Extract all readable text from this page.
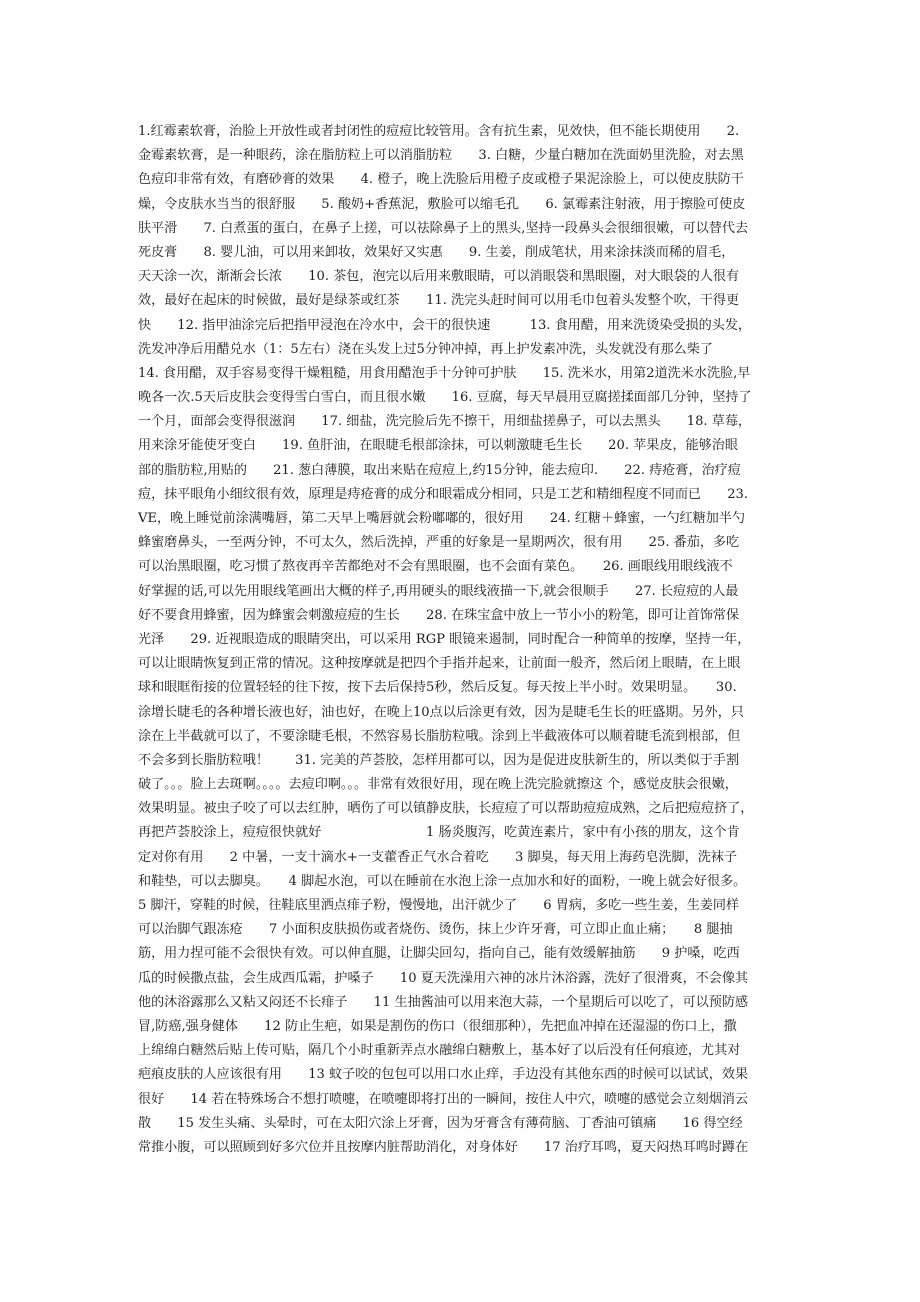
1.红霉素软膏，治脸上开放性或者封闭性的痘痘比较管用。含有抗生素，见效快，但不能长期使用　　2.
金霉素软膏，是一种眼药，涂在脂肪粒上可以消脂肪粒　　3. 白糖，少量白糖加在洗面奶里洗脸，对去黑
色痘印非常有效，有磨砂膏的效果　　4. 橙子，晚上洗脸后用橙子皮或橙子果泥涂脸上，可以使皮肤防干
燥，令皮肤水当当的很舒服　　5. 酸奶+香蕉泥，敷脸可以缩毛孔　　6. 氯霉素注射液，用于擦脸可使皮
肤平滑　　7. 白煮蛋的蛋白，在鼻子上搓，可以祛除鼻子上的黑头,坚持一段鼻头会很细很嫩，可以替代去
死皮膏　　8. 婴儿油，可以用来卸妆，效果好又实惠　　9. 生姜，削成笔状，用来涂抹淡而稀的眉毛，
天天涂一次，渐渐会长浓　　10. 茶包，泡完以后用来敷眼睛，可以消眼袋和黑眼圈，对大眼袋的人很有
效，最好在起床的时候做，最好是绿茶或红茶　　11. 洗完头赶时间可以用毛巾包着头发整个吹，干得更
快　　12. 指甲油涂完后把指甲浸泡在冷水中，会干的很快速　　　13. 食用醋，用来洗烫染受损的头发，
洗发冲净后用醋兑水（1：5左右）浇在头发上过5分钟冲掉，再上护发素冲洗，头发就没有那么柴了
14. 食用醋，双手容易变得干燥粗糙，用食用醋泡手十分钟可护肤　　15. 洗米水，用第2道洗米水洗脸,早
晚各一次.5天后皮肤会变得雪白雪白，而且很水嫩　　16. 豆腐，每天早晨用豆腐搓揉面部几分钟，坚持了
一个月，面部会变得很滋润　　17. 细盐，洗完脸后先不擦干，用细盐搓鼻子，可以去黑头　　18. 草莓，
用来涂牙能使牙变白　　19. 鱼肝油，在眼睫毛根部涂抹，可以刺激睫毛生长　　20. 苹果皮，能够治眼
部的脂肪粒,用贴的　　21. 葱白薄膜，取出来贴在痘痘上,约15分钟，能去痘印.　　22. 痔疮膏，治疗痘
痘，抹平眼角小细纹很有效，原理是痔疮膏的成分和眼霜成分相同，只是工艺和精细程度不同而已　　23.
VE，晚上睡觉前涂满嘴唇，第二天早上嘴唇就会粉嘟嘟的，很好用　　24. 红糖＋蜂蜜，一勺红糖加半勺
蜂蜜磨鼻头，一至两分钟，不可太久，然后洗掉，严重的好象是一星期两次，很有用　　25. 番茄，多吃
可以治黑眼圈，吃习惯了熬夜再辛苦都绝对不会有黑眼圈，也不会面有菜色。　　26. 画眼线用眼线液不
好掌握的话,可以先用眼线笔画出大概的样子,再用硬头的眼线液描一下,就会很顺手　　27. 长痘痘的人最
好不要食用蜂蜜，因为蜂蜜会刺激痘痘的生长　　28. 在珠宝盒中放上一节小小的粉笔，即可让首饰常保
光泽　　29. 近视眼造成的眼睛突出，可以采用 RGP 眼镜来遏制，同时配合一种简单的按摩，坚持一年，
可以让眼睛恢复到正常的情况。这种按摩就是把四个手指并起来，让前面一般齐，然后闭上眼睛，在上眼
球和眼眶衔接的位置轻轻的往下按，按下去后保持5秒，然后反复。每天按上半小时。效果明显。　　30.
涂增长睫毛的各种增长液也好，油也好，在晚上10点以后涂更有效，因为是睫毛生长的旺盛期。另外，只
涂在上半截就可以了，不要涂睫毛根，不然容易长脂肪粒哦。涂到上半截液体可以顺着睫毛流到根部，但
不会多到长脂肪粒哦！　　31. 完美的芦荟胶，怎样用都可以，因为是促进皮肤新生的，所以类似于手割
破了。。。脸上去斑啊。。。。去痘印啊。。。非常有效很好用，现在晚上洗完脸就擦这 个，感觉皮肤会很嫩，
效果明显。被虫子咬了可以去红肿，晒伤了可以镇静皮肤，长痘痘了可以帮助痘痘成熟，之后把痘痘挤了，
再把芦荟胶涂上，痘痘很快就好　　　　　　　　1 肠炎腹泻，吃黄连素片，家中有小孩的朋友，这个肯
定对你有用　　2 中暑，一支十滴水+一支藿香正气水合着吃　　3 脚臭，每天用上海药皂洗脚，洗袜子
和鞋垫，可以去脚臭。　　4 脚起水泡，可以在睡前在水泡上涂一点加水和好的面粉，一晚上就会好很多。
5 脚汗，穿鞋的时候，往鞋底里洒点痱子粉，慢慢地，出汗就少了　　6 胃病，多吃一些生姜，生姜同样
可以治脚气跟冻疮　　7 小面积皮肤损伤或者烧伤、烫伤，抹上少许牙膏，可立即止血止痛；　　8 腿抽
筋，用力捏可能不会很快有效。可以伸直腿，让脚尖回勾，指向自己，能有效缓解抽筋　　9 护嗓，吃西
瓜的时候撒点盐，会生成西瓜霜，护嗓子　　10 夏天洗澡用六神的冰片沐浴露，洗好了很滑爽，不会像其
他的沐浴露那么又粘又闷还不长痱子　　11 生抽酱油可以用来泡大蒜，一个星期后可以吃了，可以预防感
冒,防癌,强身健体　　12 防止生疤，如果是割伤的伤口（很细那种），先把血冲掉在还湿湿的伤口上，撒
上绵绵白糖然后贴上传可贴，隔几个小时重新弄点水融绵白糖敷上，基本好了以后没有任何痕迹，尤其对
疤痕皮肤的人应该很有用　　13 蚊子咬的包包可以用口水止痒，手边没有其他东西的时候可以试试，效果
很好　　14 若在特殊场合不想打喷嚏，在喷嚏即将打出的一瞬间，按住人中穴，喷嚏的感觉会立刻烟消云
散　　15 发生头痛、头晕时，可在太阳穴涂上牙膏，因为牙膏含有薄荷脑、丁香油可镇痛　　16 得空经
常推小腹，可以照顾到好多穴位并且按摩内脏帮助消化，对身体好　　17 治疗耳鸣，夏天闷热耳鸣时蹲在
